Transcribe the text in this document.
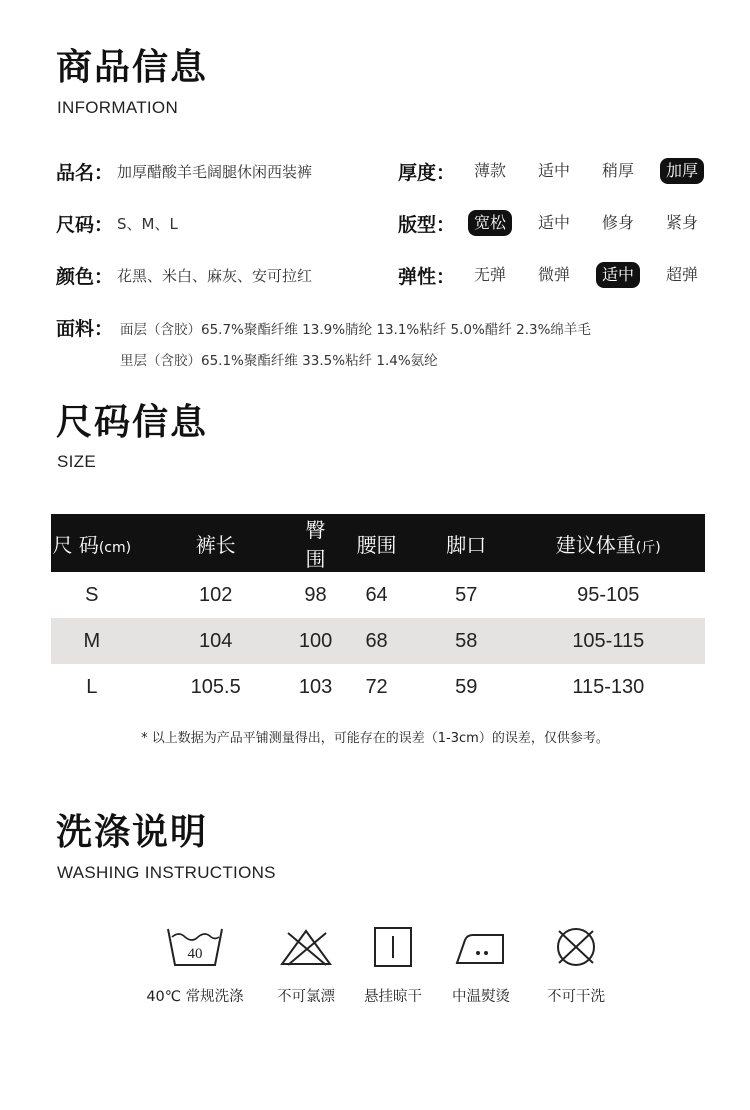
商品信息
INFORMATION
品名： 加厚醋酸羊毛阔腿休闲西装裤
尺码： S、M、L
颜色： 花黑、米白、麻灰、安可拉红
厚度：	薄款	适中	稍厚	加厚
版型：	宽松	适中	修身	紧身
弹性：	无弹	微弹	适中	超弹
面料： 面层（含胶）65.7%聚酯纤维 13.9%腈纶 13.1%粘纤 5.0%醋纤 2.3%绵羊毛
里层（含胶）65.1%聚酯纤维 33.5%粘纤 1.4%氨纶
尺码信息
SIZE
尺 码(cm)	裤长	臀围	腰围	脚口	建议体重(斤)
S	102	98	64	57	95-105
M	104	100	68	58	105-115
L	105.5	103	72	59	115-130
* 以上数据为产品平铺测量得出，可能存在的误差（1-3cm）的误差，仅供参考。
洗涤说明
WASHING INSTRUCTIONS
40
40℃ 常规洗涤	不可氯漂	悬挂晾干	中温熨烫	不可干洗
